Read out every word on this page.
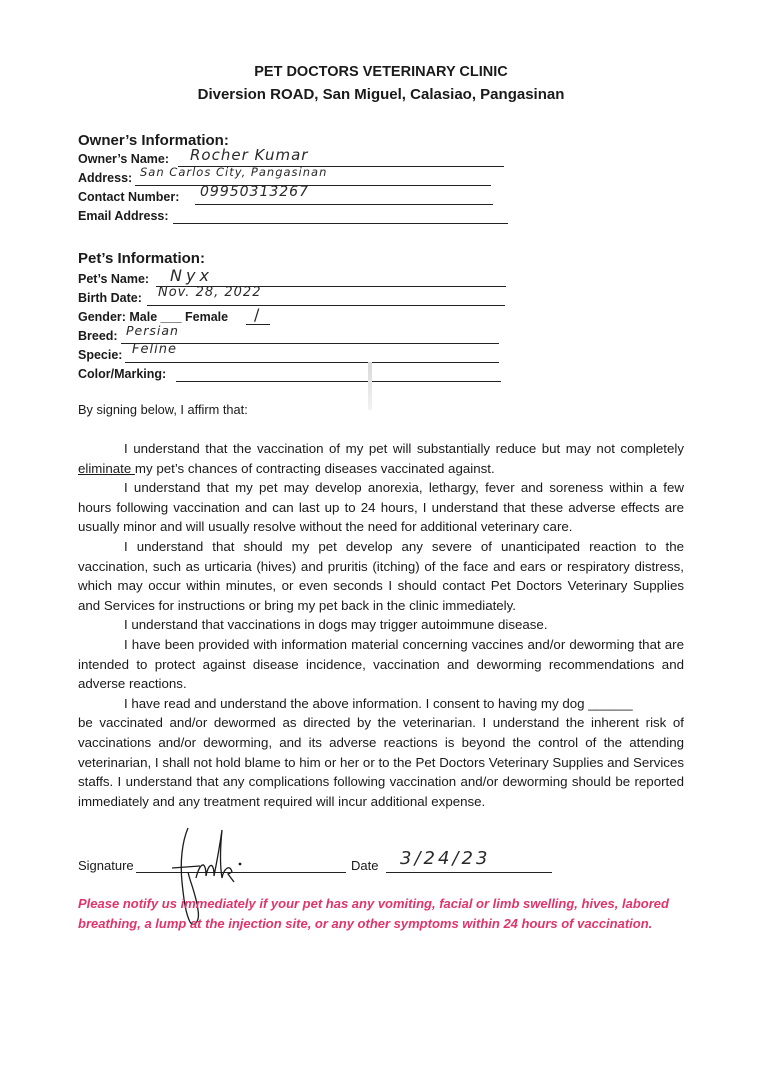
PET DOCTORS VETERINARY CLINIC
Diversion ROAD, San Miguel, Calasiao, Pangasinan
Owner’s Information:
Owner’s Name: Rocher Kumar
Address: San Carlos City, Pangasinan
Contact Number: 09950313267
Email Address:
Pet’s Information:
Pet’s Name: Nyx
Birth Date: Nov. 28, 2022
Gender: Male ___ Female /
Breed: Persian
Specie: Feline
Color/Marking:
By signing below, I affirm that:

I understand that the vaccination of my pet will substantially reduce but may not completely eliminate my pet’s chances of contracting diseases vaccinated against.

I understand that my pet may develop anorexia, lethargy, fever and soreness within a few hours following vaccination and can last up to 24 hours, I understand that these adverse effects are usually minor and will usually resolve without the need for additional veterinary care.

I understand that should my pet develop any severe of unanticipated reaction to the vaccination, such as urticaria (hives) and pruritis (itching) of the face and ears or respiratory distress, which may occur within minutes, or even seconds I should contact Pet Doctors Veterinary Supplies and Services for instructions or bring my pet back in the clinic immediately.

I understand that vaccinations in dogs may trigger autoimmune disease.

I have been provided with information material concerning vaccines and/or deworming that are intended to protect against disease incidence, vaccination and deworming recommendations and adverse reactions.

I have read and understand the above information. I consent to having my dog ______

be vaccinated and/or dewormed as directed by the veterinarian. I understand the inherent risk of vaccinations and/or deworming, and its adverse reactions is beyond the control of the attending veterinarian, I shall not hold blame to him or her or to the Pet Doctors Veterinary Supplies and Services staffs. I understand that any complications following vaccination and/or deworming should be reported immediately and any treatment required will incur additional expense.

Signature	Date 3/24/23
Please notify us immediately if your pet has any vomiting, facial or limb swelling, hives, labored breathing, a lump at the injection site, or any other symptoms within 24 hours of vaccination.
